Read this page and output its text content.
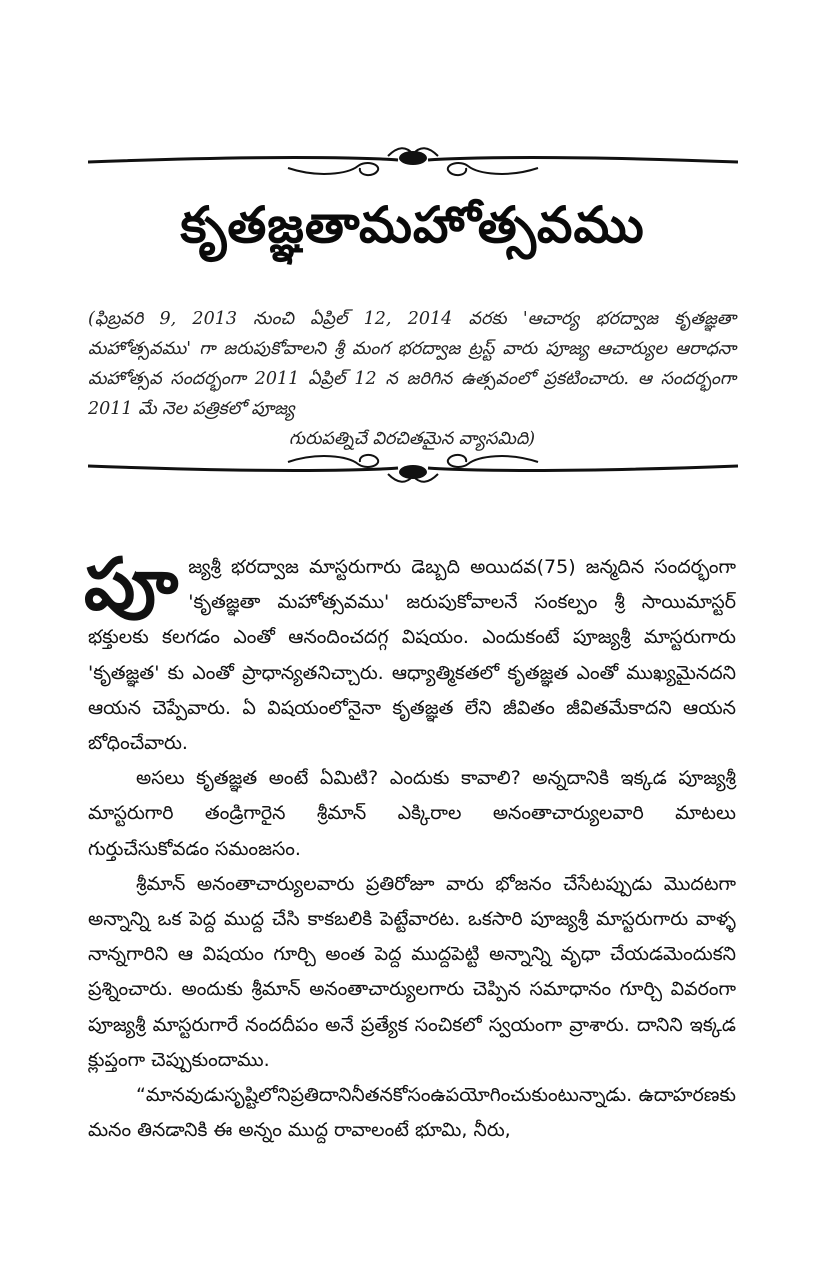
కృతజ్ఞతామహోత్సవము
(ఫిబ్రవరి 9, 2013 నుంచి ఏప్రిల్ 12, 2014 వరకు 'ఆచార్య భరద్వాజ కృతజ్ఞతా మహోత్సవము' గా జరుపుకోవాలని శ్రీ మంగ భరద్వాజ ట్రస్ట్ వారు పూజ్య ఆచార్యుల ఆరాధనా మహోత్సవ సందర్భంగా 2011 ఏప్రిల్ 12 న జరిగిన ఉత్సవంలో ప్రకటించారు. ఆ సందర్భంగా 2011 మే నెల పత్రికలో పూజ్య
గురుపత్నిచే విరచితమైన వ్యాసమిది)

పూ జ్యశ్రీ భరద్వాజ మాస్టరుగారు డెబ్బది అయిదవ(75) జన్మదిన సందర్భంగా 'కృతజ్ఞతా మహోత్సవము' జరుపుకోవాలనే సంకల్పం శ్రీ సాయిమాస్టర్ భక్తులకు కలగడం ఎంతో ఆనందించదగ్గ విషయం. ఎందుకంటే పూజ్యశ్రీ మాస్టరుగారు 'కృతజ్ఞత' కు ఎంతో ప్రాధాన్యతనిచ్చారు. ఆధ్యాత్మికతలో కృతజ్ఞత ఎంతో ముఖ్యమైనదని ఆయన చెప్పేవారు. ఏ విషయంలోనైనా కృతజ్ఞత లేని జీవితం జీవితమేకాదని ఆయన బోధించేవారు.

అసలు కృతజ్ఞత అంటే ఏమిటి? ఎందుకు కావాలి? అన్నదానికి ఇక్కడ పూజ్యశ్రీ మాస్టరుగారి తండ్రిగారైన శ్రీమాన్ ఎక్కిరాల అనంతాచార్యులవారి మాటలు గుర్తుచేసుకోవడం సమంజసం.

శ్రీమాన్ అనంతాచార్యులవారు ప్రతిరోజూ వారు భోజనం చేసేటప్పుడు మొదటగా అన్నాన్ని ఒక పెద్ద ముద్ద చేసి కాకబలికి పెట్టేవారట. ఒకసారి పూజ్యశ్రీ మాస్టరుగారు వాళ్ళ నాన్నగారిని ఆ విషయం గూర్చి అంత పెద్ద ముద్దపెట్టి అన్నాన్ని వృధా చేయడమెందుకని ప్రశ్నించారు. అందుకు శ్రీమాన్ అనంతాచార్యులగారు చెప్పిన సమాధానం గూర్చి వివరంగా పూజ్యశ్రీ మాస్టరుగారే నందదీపం అనే ప్రత్యేక సంచికలో స్వయంగా వ్రాశారు. దానిని ఇక్కడ క్లుప్తంగా చెప్పుకుందాము.

“మానవుడుసృష్టిలోనిప్రతిదానినీతనకోసంఉపయోగించుకుంటున్నాడు. ఉదాహరణకు మనం తినడానికి ఈ అన్నం ముద్ద రావాలంటే భూమి, నీరు,
